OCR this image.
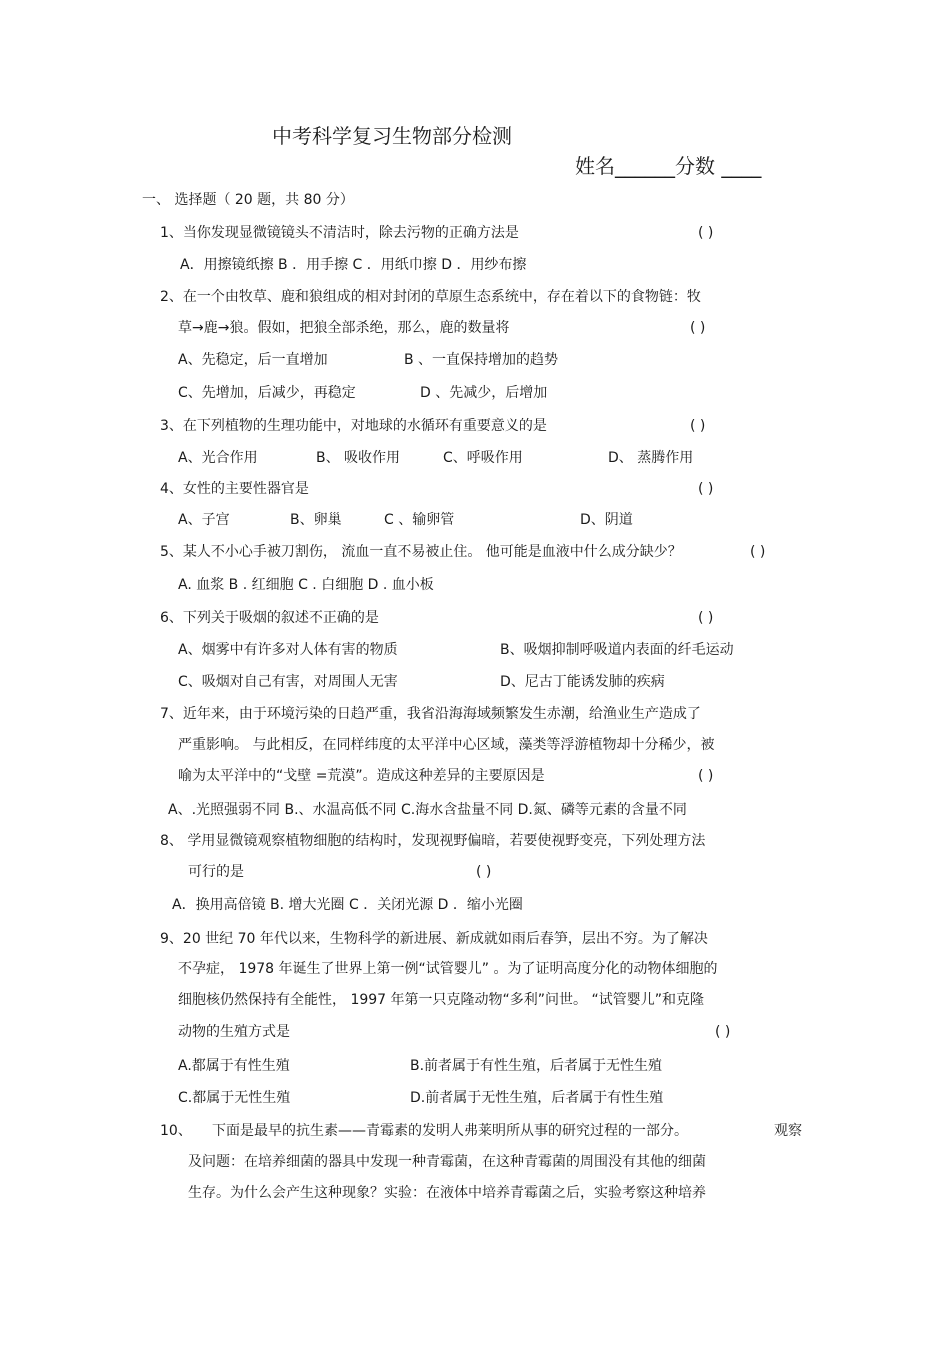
中考科学复习生物部分检测
姓名______分数 ____
一、 选择题（ 20 题，共 80 分）
1、当你发现显微镜镜头不清洁时，除去污物的正确方法是	( )
A．用擦镜纸擦 B ．用手擦 C ．用纸巾擦 D ．用纱布擦
2、在一个由牧草、鹿和狼组成的相对封闭的草原生态系统中，存在着以下的食物链：牧
草→鹿→狼。假如，把狼全部杀绝，那么，鹿的数量将	( )
A、先稳定，后一直增加	B 、一直保持增加的趋势
C、先增加，后减少，再稳定	D 、先减少，后增加
3、在下列植物的生理功能中，对地球的水循环有重要意义的是	( )
A、光合作用	B、 吸收作用	C、呼吸作用	D、 蒸腾作用
4、女性的主要性器官是	( )
A、子宫	B、卵巢	C 、输卵管	D、阴道
5、某人不小心手被刀割伤， 流血一直不易被止住。 他可能是血液中什么成分缺少？	( )
A. 血浆 B . 红细胞 C . 白细胞 D . 血小板
6、下列关于吸烟的叙述不正确的是	( )
A、烟雾中有许多对人体有害的物质	B、吸烟抑制呼吸道内表面的纤毛运动
C、吸烟对自己有害，对周围人无害	D、尼古丁能诱发肺的疾病
7、近年来，由于环境污染的日趋严重，我省沿海海域频繁发生赤潮，给渔业生产造成了
严重影响。 与此相反，在同样纬度的太平洋中心区域，藻类等浮游植物却十分稀少，被
喻为太平洋中的“戈壁 =荒漠”。造成这种差异的主要原因是	( )
A、.光照强弱不同 B.、水温高低不同 C.海水含盐量不同 D.氮、磷等元素的含量不同
8、 学用显微镜观察植物细胞的结构时，发现视野偏暗，若要使视野变亮，下列处理方法
可行的是	( )
A．换用高倍镜 B. 增大光圈 C ．关闭光源 D ．缩小光圈
9、20 世纪 70 年代以来，生物科学的新进展、新成就如雨后春笋，层出不穷。为了解决
不孕症， 1978 年诞生了世界上第一例“试管婴儿” 。为了证明高度分化的动物体细胞的
细胞核仍然保持有全能性， 1997 年第一只克隆动物“多利”问世。 “试管婴儿”和克隆
动物的生殖方式是	( )
A.都属于有性生殖	B.前者属于有性生殖，后者属于无性生殖
C.都属于无性生殖	D.前者属于无性生殖，后者属于有性生殖
10、 下面是最早的抗生素——青霉素的发明人弗莱明所从事的研究过程的一部分。	观察
及问题：在培养细菌的器具中发现一种青霉菌，在这种青霉菌的周围没有其他的细菌
生存。为什么会产生这种现象？实验：在液体中培养青霉菌之后，实验考察这种培养
